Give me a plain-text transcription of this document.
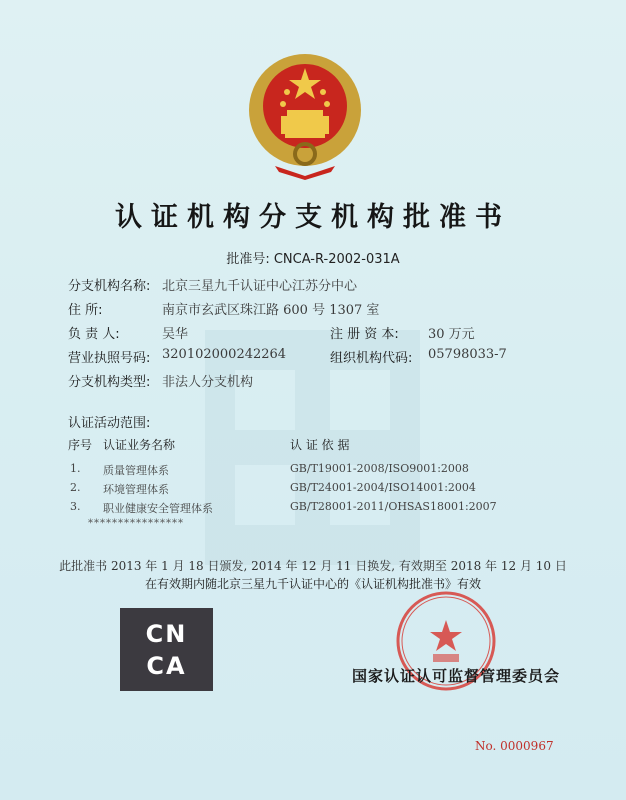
认证机构分支机构批准书
批准号: CNCA-R-2002-031A
分支机构名称: 北京三星九千认证中心江苏分中心
住 所:	南京市玄武区珠江路 600 号 1307 室
负 责 人:	吴华	注 册 资 本: 30 万元
营业执照号码: 320102000242264	组织机构代码: 05798033-7
分支机构类型: 非法人分支机构
认证活动范围:
序号 认证业务名称	认 证 依 据
1. 质量管理体系	GB/T19001-2008/ISO9001:2008
2. 环境管理体系	GB/T24001-2004/ISO14001:2004
3. 职业健康安全管理体系	GB/T28001-2011/OHSAS18001:2007
****************
此批准书 2013 年 1 月 18 日颁发, 2014 年 12 月 11 日换发, 有效期至 2018 年 12 月 10 日
在有效期内随北京三星九千认证中心的《认证机构批准书》有效
CN
CA	国家认证认可监督管理委员会
No. 0000967
